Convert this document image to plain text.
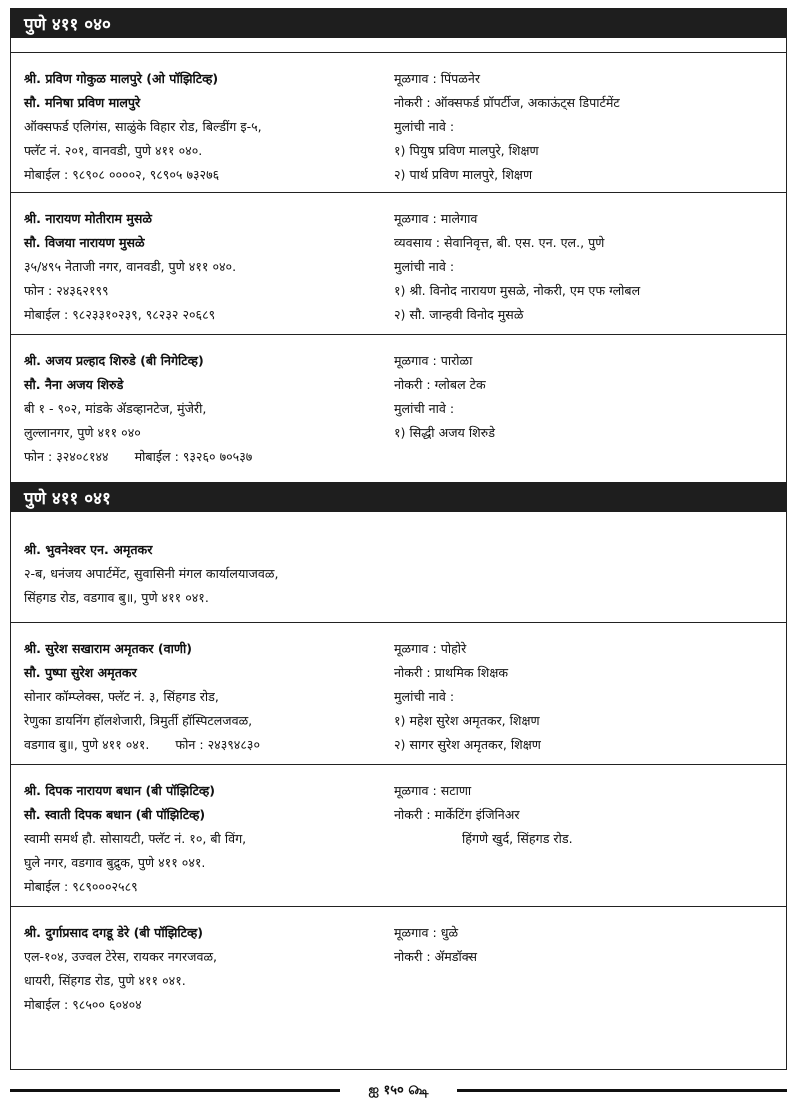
पुणे ४११ ०४०
श्री. प्रविण गोकुळ मालपुरे (ओ पॉझिटिव्ह)
सौ. मनिषा प्रविण मालपुरे
ऑक्सफर्ड एलिगंस, साळुंके विहार रोड, बिल्डींग इ-५,
फ्लॅट नं. २०१, वानवडी, पुणे ४११ ०४०.
मोबाईल : ९८९०८ ००००२, ९८९०५ ७३२७६
मूळगाव : पिंपळनेर
नोकरी : ऑक्सफर्ड प्रॉपर्टीज, अकाऊंट्स डिपार्टमेंट
मुलांची नावे :
१) पियुष प्रविण मालपुरे, शिक्षण
२) पार्थ प्रविण मालपुरे, शिक्षण
श्री. नारायण मोतीराम मुसळे
सौ. विजया नारायण मुसळे
३५/४९५ नेताजी नगर, वानवडी, पुणे ४११ ०४०.
फोन : २४३६२१९९
मोबाईल : ९८२३३१०२३९, ९८२३२ २०६८९
मूळगाव : मालेगाव
व्यवसाय : सेवानिवृत्त, बी. एस. एन. एल., पुणे
मुलांची नावे :
१) श्री. विनोद नारायण मुसळे, नोकरी, एम एफ ग्लोबल
२) सौ. जान्हवी विनोद मुसळे
श्री. अजय प्रल्हाद शिरुडे (बी निगेटिव्ह)
सौ. नैना अजय शिरुडे
बी १ - ९०२, मांडके ॲडव्हानटेज, मुंजेरी,
लुल्लानगर, पुणे ४११ ०४०
फोन : ३२४०८१४४ मोबाईल : ९३२६० ७०५३७
मूळगाव : पारोळा
नोकरी : ग्लोबल टेक
मुलांची नावे :
१) सिद्धी अजय शिरुडे
पुणे ४११ ०४१
श्री. भुवनेश्वर एन. अमृतकर
२-ब, धनंजय अपार्टमेंट, सुवासिनी मंगल कार्यालयाजवळ,
सिंहगड रोड, वडगाव बु॥, पुणे ४११ ०४१.
श्री. सुरेश सखाराम अमृतकर (वाणी)
सौ. पुष्पा सुरेश अमृतकर
सोनार कॉम्प्लेक्स, फ्लॅट नं. ३, सिंहगड रोड,
रेणुका डायनिंग हॉलशेजारी, त्रिमुर्ती हॉस्पिटलजवळ,
वडगाव बु॥, पुणे ४११ ०४१. फोन : २४३९४८३०
मूळगाव : पोहोरे
नोकरी : प्राथमिक शिक्षक
मुलांची नावे :
१) महेश सुरेश अमृतकर, शिक्षण
२) सागर सुरेश अमृतकर, शिक्षण
श्री. दिपक नारायण बधान (बी पॉझिटिव्ह)
सौ. स्वाती दिपक बधान (बी पॉझिटिव्ह)
स्वामी समर्थ हौ. सोसायटी, फ्लॅट नं. १०, बी विंग,
घुले नगर, वडगाव बुद्रुक, पुणे ४११ ०४१.
मोबाईल : ९८९०००२५८९
मूळगाव : सटाणा
नोकरी : मार्केटिंग इंजिनिअर
हिंगणे खुर्द, सिंहगड रोड.
श्री. दुर्गाप्रसाद दगडू डेरे (बी पॉझिटिव्ह)
एल-१०४, उज्वल टेरेस, रायकर नगरजवळ,
धायरी, सिंहगड रोड, पुणे ४११ ०४१.
मोबाईल : ९८५०० ६०४०४
मूळगाव : धुळे
नोकरी : ॲमडॉक्स
ஐ १५० ௸
